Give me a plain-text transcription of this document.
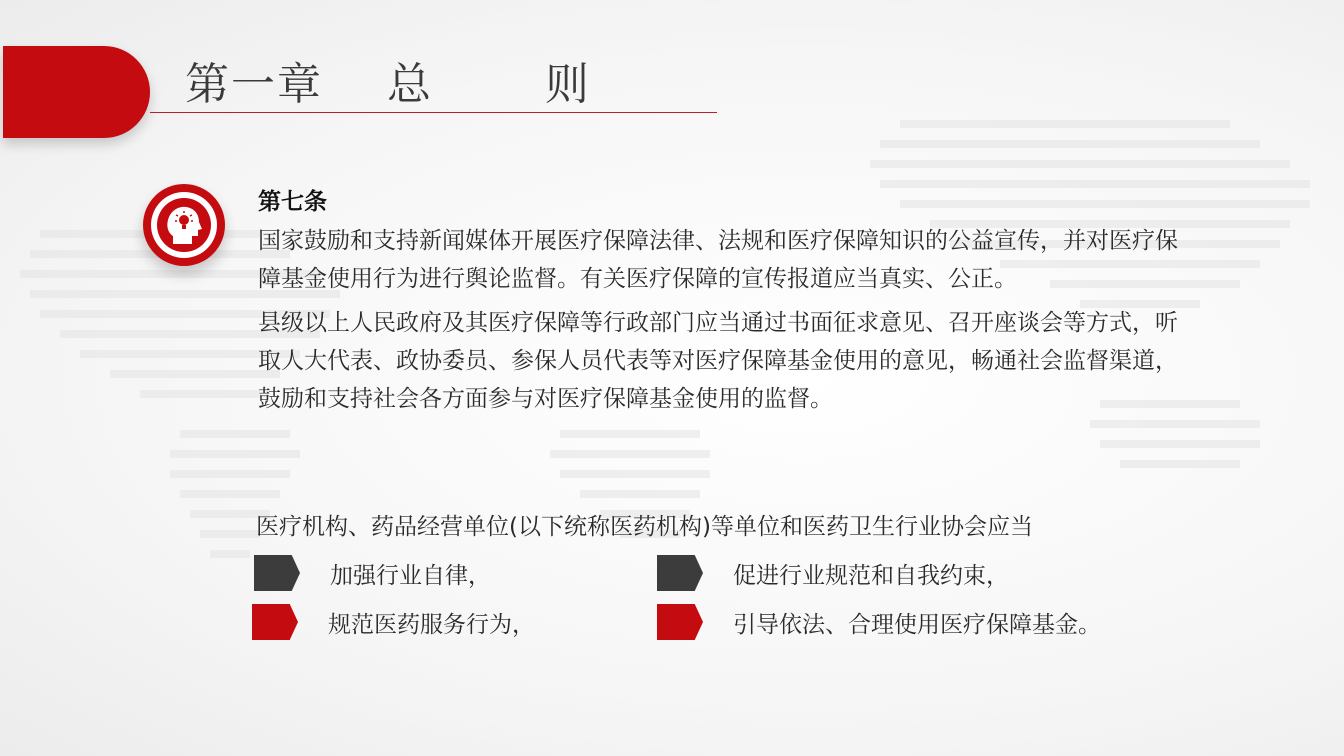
第一章    总       则
第七条

国家鼓励和支持新闻媒体开展医疗保障法律、法规和医疗保障知识的公益宣传，并对医疗保障基金使用行为进行舆论监督。有关医疗保障的宣传报道应当真实、公正。

县级以上人民政府及其医疗保障等行政部门应当通过书面征求意见、召开座谈会等方式，听取人大代表、政协委员、参保人员代表等对医疗保障基金使用的意见，畅通社会监督渠道，鼓励和支持社会各方面参与对医疗保障基金使用的监督。

医疗机构、药品经营单位(以下统称医药机构)等单位和医药卫生行业协会应当
加强行业自律，	促进行业规范和自我约束，
规范医药服务行为，	引导依法、合理使用医疗保障基金。
